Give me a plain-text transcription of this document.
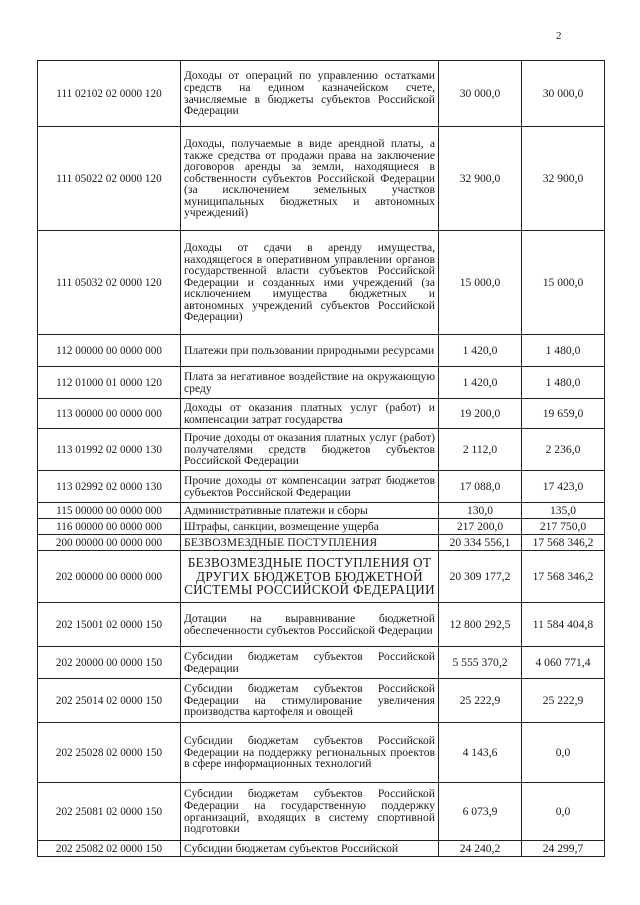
2
111 02102 02 0000 120	Доходы от операций по управлению остатками средств на едином казначейском счете, зачисляемые в бюджеты субъектов Российской Федерации	30 000,0	30 000,0
111 05022 02 0000 120	Доходы, получаемые в виде арендной платы, а также средства от продажи права на заключение договоров аренды за земли, находящиеся в собственности субъектов Российской Федерации (за исключением земельных участков муниципальных бюджетных и автономных учреждений)	32 900,0	32 900,0
111 05032 02 0000 120	Доходы от сдачи в аренду имущества, находящегося в оперативном управлении органов государственной власти субъектов Российской Федерации и созданных ими учреждений (за исключением имущества бюджетных и автономных учреждений субъектов Российской Федерации)	15 000,0	15 000,0
112 00000 00 0000 000	Платежи при пользовании природными ресурсами	1 420,0	1 480,0
112 01000 01 0000 120	Плата за негативное воздействие на окружающую среду	1 420,0	1 480,0
113 00000 00 0000 000	Доходы от оказания платных услуг (работ) и компенсации затрат государства	19 200,0	19 659,0
113 01992 02 0000 130	Прочие доходы от оказания платных услуг (работ) получателями средств бюджетов субъектов Российской Федерации	2 112,0	2 236,0
113 02992 02 0000 130	Прочие доходы от компенсации затрат бюджетов субъектов Российской Федерации	17 088,0	17 423,0
115 00000 00 0000 000	Административные платежи и сборы	130,0	135,0
116 00000 00 0000 000	Штрафы, санкции, возмещение ущерба	217 200,0	217 750,0
200 00000 00 0000 000	БЕЗВОЗМЕЗДНЫЕ ПОСТУПЛЕНИЯ	20 334 556,1	17 568 346,2
202 00000 00 0000 000	БЕЗВОЗМЕЗДНЫЕ ПОСТУПЛЕНИЯ ОТ ДРУГИХ БЮДЖЕТОВ БЮДЖЕТНОЙ СИСТЕМЫ РОССИЙСКОЙ ФЕДЕРАЦИИ	20 309 177,2	17 568 346,2
202 15001 02 0000 150	Дотации на выравнивание бюджетной обеспеченности субъектов Российской Федерации	12 800 292,5	11 584 404,8
202 20000 00 0000 150	Субсидии бюджетам субъектов Российской Федерации	5 555 370,2	4 060 771,4
202 25014 02 0000 150	Субсидии бюджетам субъектов Российской Федерации на стимулирование увеличения производства картофеля и овощей	25 222,9	25 222,9
202 25028 02 0000 150	Субсидии бюджетам субъектов Российской Федерации на поддержку региональных проектов в сфере информационных технологий	4 143,6	0,0
202 25081 02 0000 150	Субсидии бюджетам субъектов Российской Федерации на государственную поддержку организаций, входящих в систему спортивной подготовки	6 073,9	0,0
202 25082 02 0000 150	Субсидии бюджетам субъектов Российской	24 240,2	24 299,7
